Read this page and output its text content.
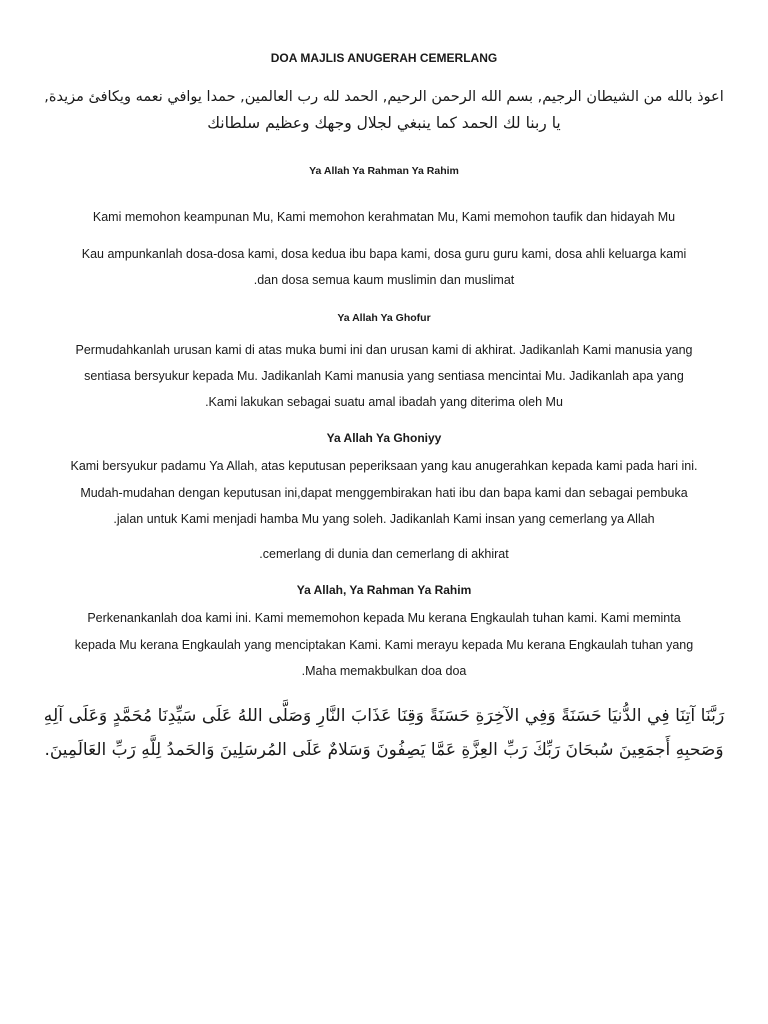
DOA MAJLIS ANUGERAH CEMERLANG
اعوذ بالله من الشيطان الرجيم, بسم الله الرحمن الرحيم, الحمد لله رب العالمين, حمدا يوافي نعمه ويكافئ مزيدة,
يا ربنا لك الحمد كما ينبغي لجلال وجهك وعظيم سلطانك
Ya Allah Ya Rahman Ya Rahim
Kami memohon keampunan Mu, Kami memohon kerahmatan Mu, Kami memohon taufik dan hidayah Mu
Kau ampunkanlah dosa-dosa kami, dosa kedua ibu bapa kami, dosa guru guru kami, dosa ahli keluarga kami
.dan dosa semua kaum muslimin dan muslimat
Ya Allah Ya Ghofur
Permudahkanlah urusan kami di atas muka bumi ini dan urusan kami di akhirat. Jadikanlah Kami manusia yang
sentiasa bersyukur kepada Mu. Jadikanlah Kami manusia yang sentiasa mencintai Mu. Jadikanlah apa yang
.Kami lakukan sebagai suatu amal ibadah yang diterima oleh Mu
Ya Allah Ya Ghoniyy
Kami bersyukur padamu Ya Allah, atas keputusan peperiksaan yang kau anugerahkan kepada kami pada hari ini.
Mudah-mudahan dengan keputusan ini,dapat menggembirakan hati ibu dan bapa kami dan sebagai pembuka
.jalan untuk Kami menjadi hamba Mu yang soleh. Jadikanlah Kami insan yang cemerlang ya Allah
.cemerlang di dunia dan cemerlang di akhirat
Ya Allah, Ya Rahman Ya Rahim
Perkenankanlah doa kami ini. Kami mememohon kepada Mu kerana Engkaulah tuhan kami. Kami meminta
kepada Mu kerana Engkaulah yang menciptakan Kami. Kami merayu kepada Mu kerana Engkaulah tuhan yang
.Maha memakbulkan doa doa
رَبَّنَا آتِنَا فِي الدُّنيَا حَسَنَةً وَفِي الآخِرَةِ حَسَنَةً وَقِنَا عَذَابَ النَّارِ وَصَلَّى اللهُ عَلَى سَيِّدِنَا مُحَمَّدٍ وَعَلَى آلِهِ
وَصَحبِهِ أَجمَعِينَ سُبحَانَ رَبِّكَ رَبِّ العِزَّةِ عَمَّا يَصِفُونَ وَسَلامٌ عَلَى المُرسَلِينَ وَالحَمدُ لِلَّهِ رَبِّ العَالَمِينَ.
